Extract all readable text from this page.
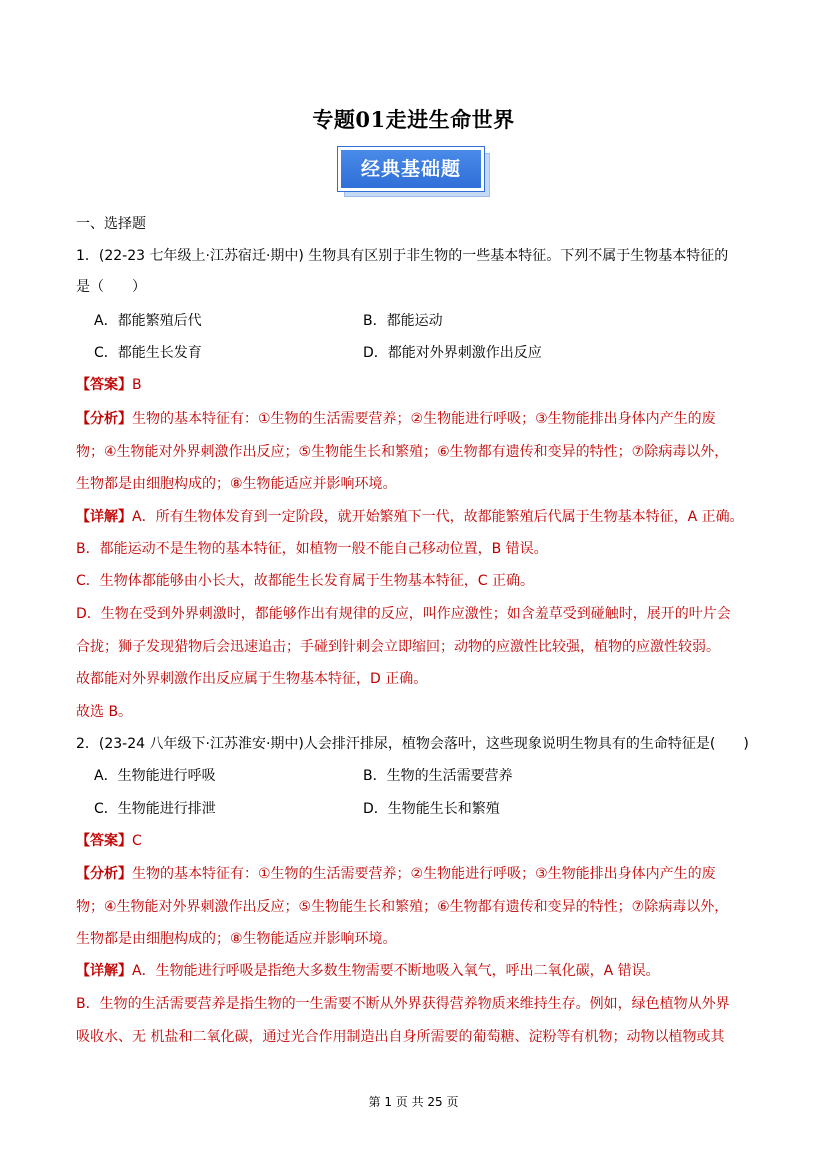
专题01走进生命世界
经典基础题
一、选择题
1．(22-23 七年级上·江苏宿迁·期中) 生物具有区别于非生物的一些基本特征。下列不属于生物基本特征的
是（　　）
A．都能繁殖后代	B．都能运动
C．都能生长发育	D．都能对外界刺激作出反应
【答案】B
【分析】生物的基本特征有：①生物的生活需要营养；②生物能进行呼吸；③生物能排出身体内产生的废
物；④生物能对外界刺激作出反应；⑤生物能生长和繁殖；⑥生物都有遗传和变异的特性；⑦除病毒以外，
生物都是由细胞构成的；⑧生物能适应并影响环境。
【详解】A．所有生物体发育到一定阶段，就开始繁殖下一代，故都能繁殖后代属于生物基本特征，A 正确。
B．都能运动不是生物的基本特征，如植物一般不能自己移动位置，B 错误。
C．生物体都能够由小长大，故都能生长发育属于生物基本特征，C 正确。
D．生物在受到外界刺激时，都能够作出有规律的反应，叫作应激性；如含羞草受到碰触时，展开的叶片会
合拢；狮子发现猎物后会迅速追击；手碰到针刺会立即缩回；动物的应激性比较强，植物的应激性较弱。
故都能对外界刺激作出反应属于生物基本特征，D 正确。
故选 B。
2．(23-24 八年级下·江苏淮安·期中)人会排汗排尿，植物会落叶，这些现象说明生物具有的生命特征是(　　)
A．生物能进行呼吸	B．生物的生活需要营养
C．生物能进行排泄	D．生物能生长和繁殖
【答案】C
【分析】生物的基本特征有：①生物的生活需要营养；②生物能进行呼吸；③生物能排出身体内产生的废
物；④生物能对外界刺激作出反应；⑤生物能生长和繁殖；⑥生物都有遗传和变异的特性；⑦除病毒以外，
生物都是由细胞构成的；⑧生物能适应并影响环境。
【详解】A．生物能进行呼吸是指绝大多数生物需要不断地吸入氧气，呼出二氧化碳，A 错误。
B．生物的生活需要营养是指生物的一生需要不断从外界获得营养物质来维持生存。例如，绿色植物从外界
吸收水、无 机盐和二氧化碳，通过光合作用制造出自身所需要的葡萄糖、淀粉等有机物；动物以植物或其
第 1 页 共 25 页
